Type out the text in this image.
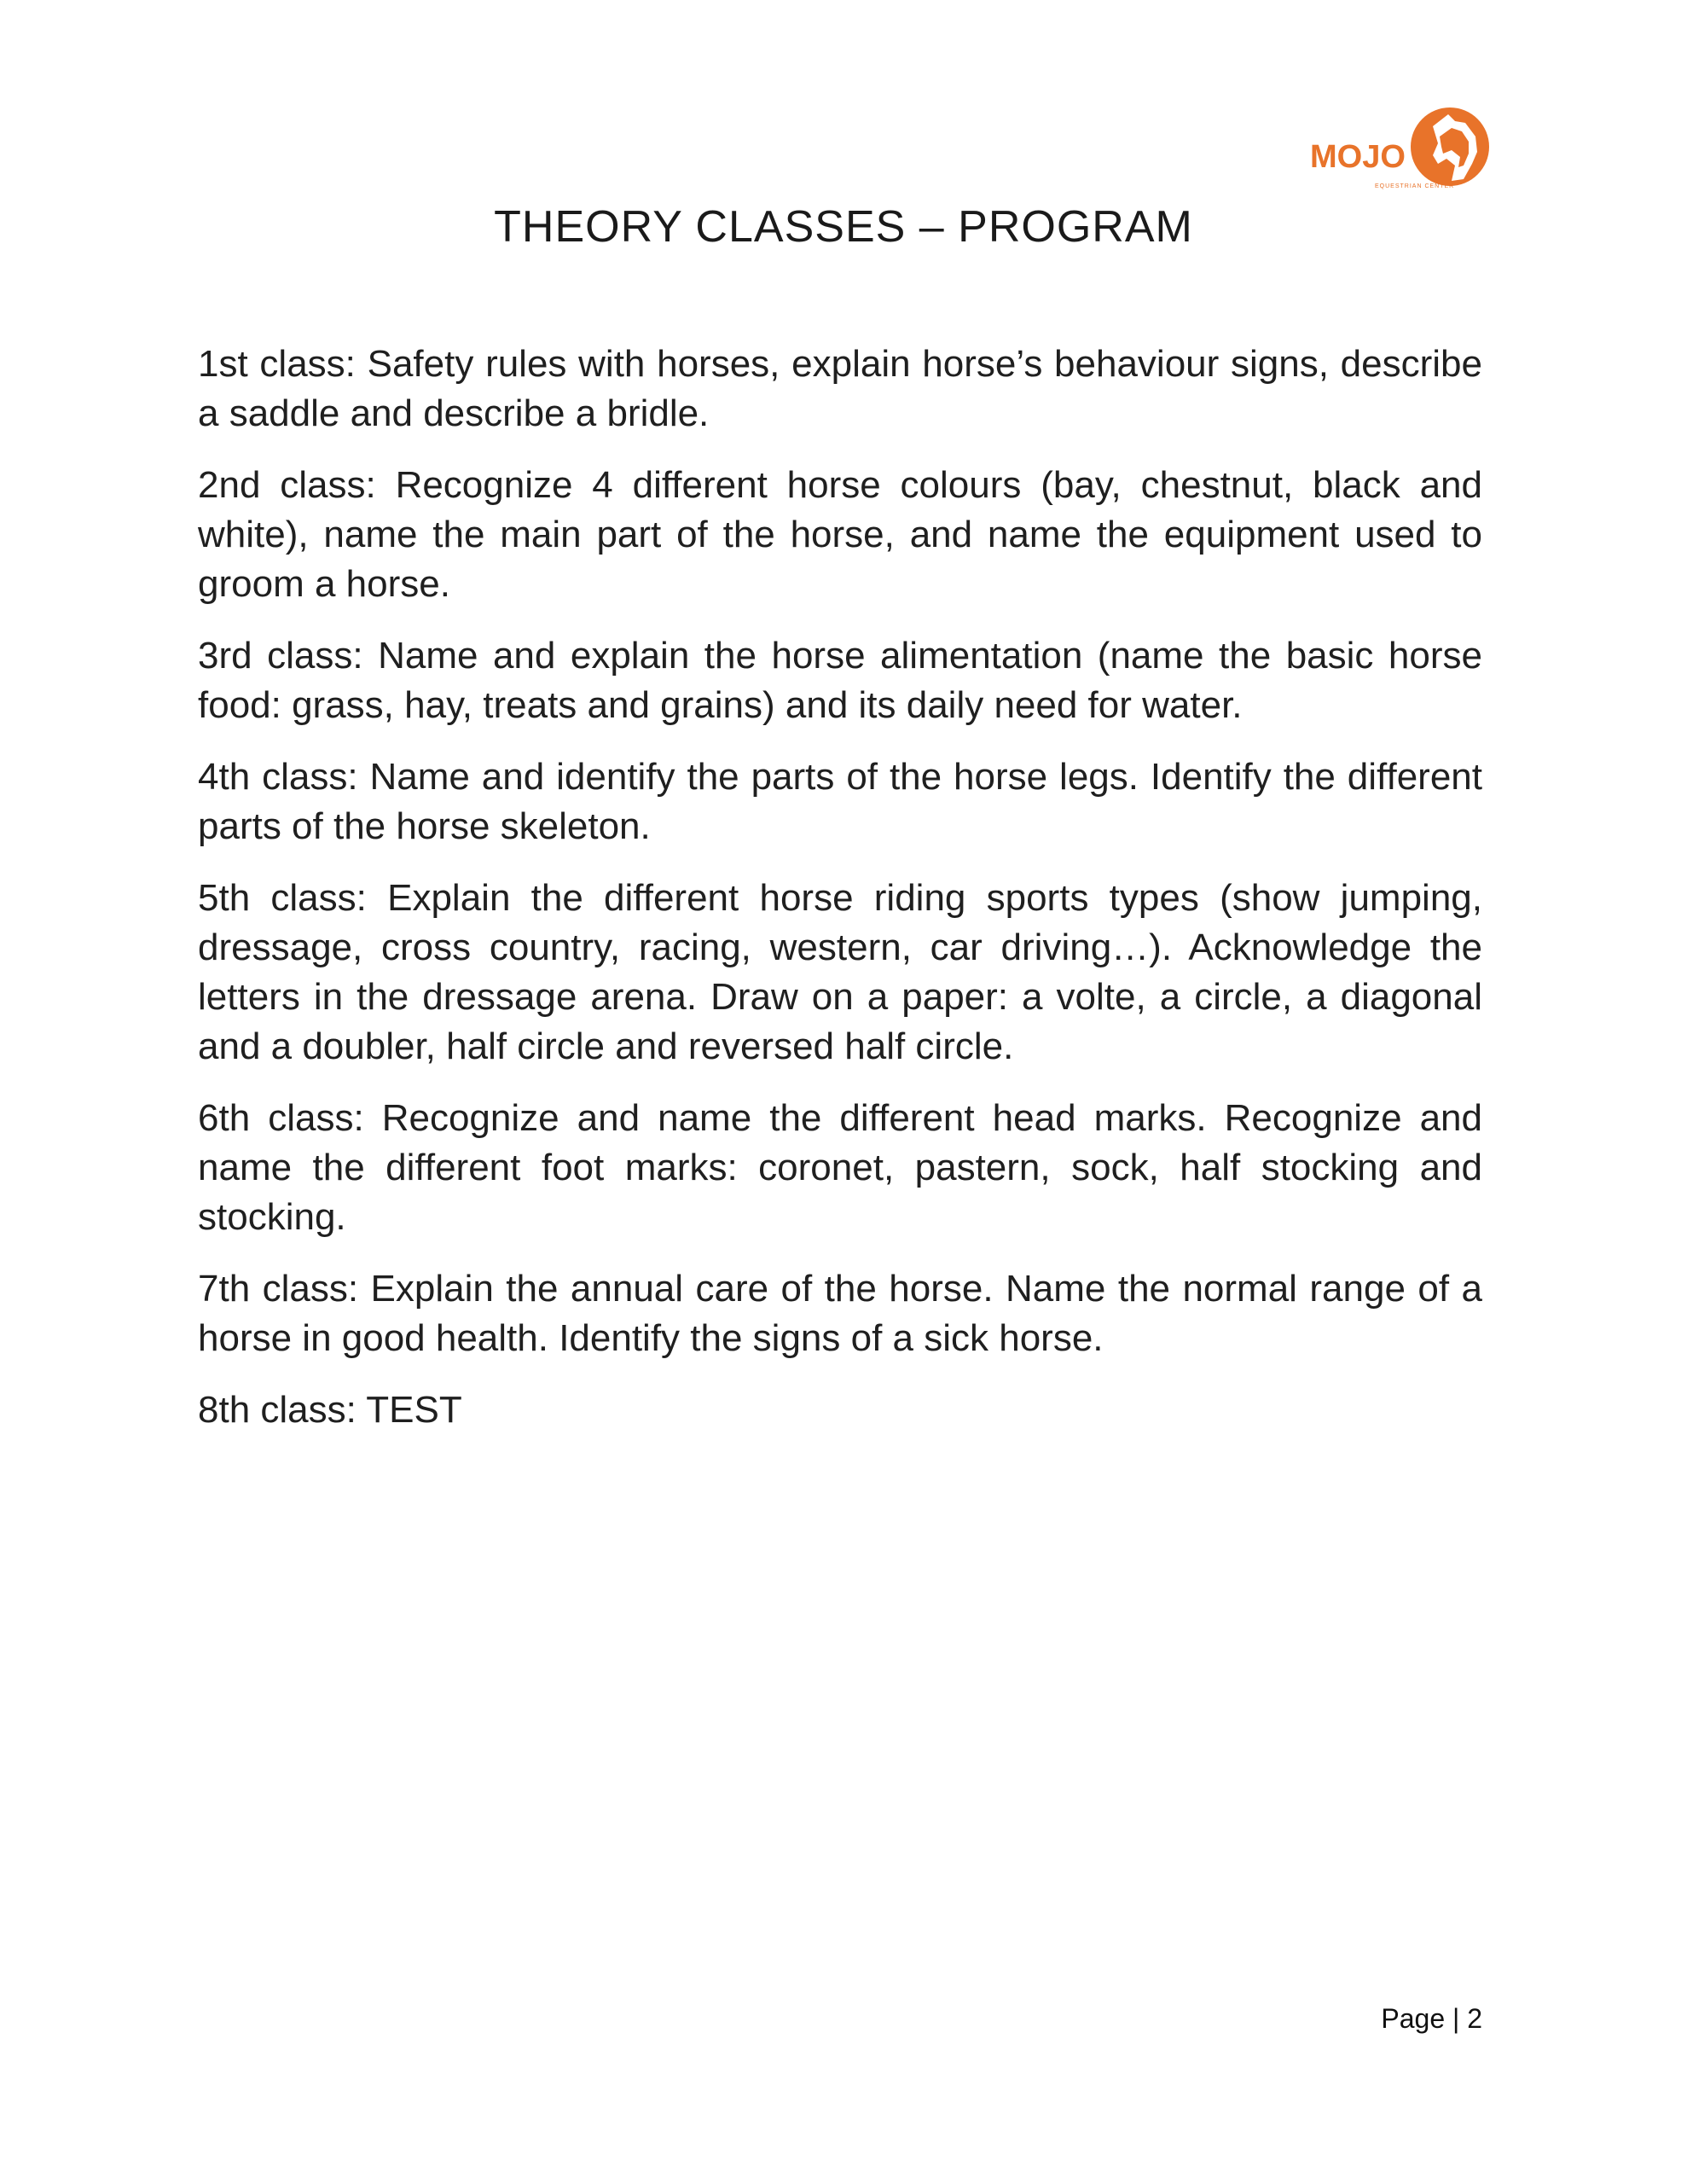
MOJO
EQUESTRIAN CENTER
THEORY CLASSES – PROGRAM

1st class: Safety rules with horses, explain horse’s behaviour signs, describe a saddle and describe a bridle.

2nd class: Recognize 4 different horse colours (bay, chestnut, black and white), name the main part of the horse, and name the equipment used to groom a horse.

3rd class: Name and explain the horse alimentation (name the basic horse food: grass, hay, treats and grains) and its daily need for water.

4th class: Name and identify the parts of the horse legs. Identify the different parts of the horse skeleton.

5th class: Explain the different horse riding sports types (show jumping, dressage, cross country, racing, western, car driving…). Acknowledge the letters in the dressage arena. Draw on a paper: a volte, a circle, a diagonal and a doubler, half circle and reversed half circle.

6th class: Recognize and name the different head marks. Recognize and name the different foot marks: coronet, pastern, sock, half stocking and stocking.

7th class: Explain the annual care of the horse. Name the normal range of a horse in good health. Identify the signs of a sick horse.

8th class: TEST

Page | 2
